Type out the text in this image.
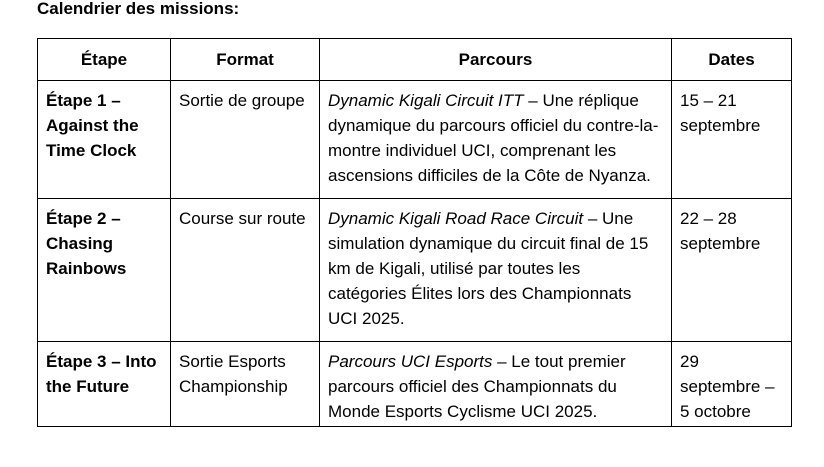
Calendrier des missions:

Étape	Format	Parcours	Dates
Étape 1 – Against the Time Clock	Sortie de groupe	Dynamic Kigali Circuit ITT – Une réplique dynamique du parcours officiel du contre-la-montre individuel UCI, comprenant les ascensions difficiles de la Côte de Nyanza.	15 – 21 septembre
Étape 2 – Chasing Rainbows	Course sur route	Dynamic Kigali Road Race Circuit – Une simulation dynamique du circuit final de 15 km de Kigali, utilisé par toutes les catégories Élites lors des Championnats UCI 2025.	22 – 28 septembre
Étape 3 – Into the Future	Sortie Esports Championship	Parcours UCI Esports – Le tout premier parcours officiel des Championnats du Monde Esports Cyclisme UCI 2025.	29 septembre – 5 octobre
